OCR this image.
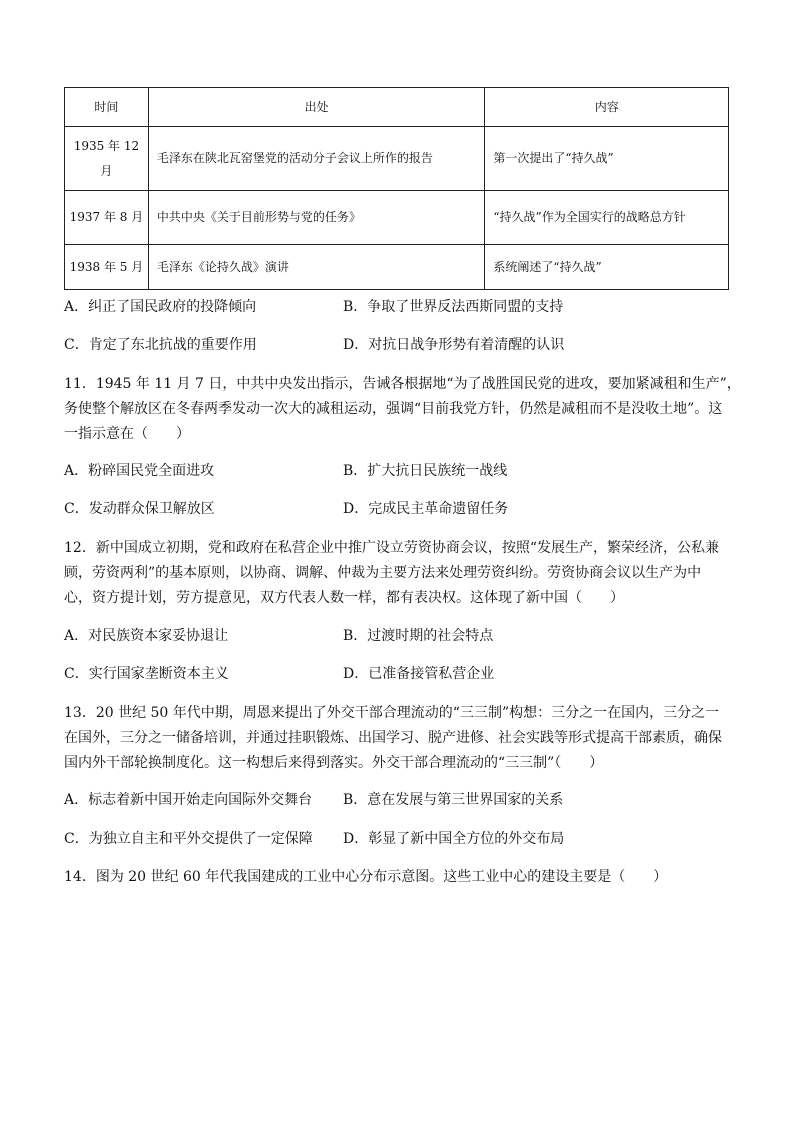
时间	出处	内容
1935 年 12 月	毛泽东在陕北瓦窑堡党的活动分子会议上所作的报告	第一次提出了“持久战”
1937 年 8 月	中共中央《关于目前形势与党的任务》	“持久战”作为全国实行的战略总方针
1938 年 5 月	毛泽东《论持久战》演讲	系统阐述了“持久战”
A．纠正了国民政府的投降倾向	B．争取了世界反法西斯同盟的支持
C．肯定了东北抗战的重要作用	D．对抗日战争形势有着清醒的认识
11．1945 年 11 月 7 日，中共中央发出指示，告诫各根据地“为了战胜国民党的进攻，要加紧减租和生产”，
务使整个解放区在冬春两季发动一次大的减租运动，强调“目前我党方针，仍然是减租而不是没收土地”。这
一指示意在（　　）
A．粉碎国民党全面进攻	B．扩大抗日民族统一战线
C．发动群众保卫解放区	D．完成民主革命遗留任务
12．新中国成立初期，党和政府在私营企业中推广设立劳资协商会议，按照“发展生产，繁荣经济，公私兼
顾，劳资两利”的基本原则，以协商、调解、仲裁为主要方法来处理劳资纠纷。劳资协商会议以生产为中
心，资方提计划，劳方提意见，双方代表人数一样，都有表决权。这体现了新中国（　　）
A．对民族资本家妥协退让	B．过渡时期的社会特点
C．实行国家垄断资本主义	D．已准备接管私营企业
13．20 世纪 50 年代中期，周恩来提出了外交干部合理流动的“三三制”构想：三分之一在国内，三分之一
在国外，三分之一储备培训，并通过挂职锻炼、出国学习、脱产进修、社会实践等形式提高干部素质，确保
国内外干部轮换制度化。这一构想后来得到落实。外交干部合理流动的“三三制”（　　）
A．标志着新中国开始走向国际外交舞台 B．意在发展与第三世界国家的关系
C．为独立自主和平外交提供了一定保障 D．彰显了新中国全方位的外交布局
14．图为 20 世纪 60 年代我国建成的工业中心分布示意图。这些工业中心的建设主要是（　　）
